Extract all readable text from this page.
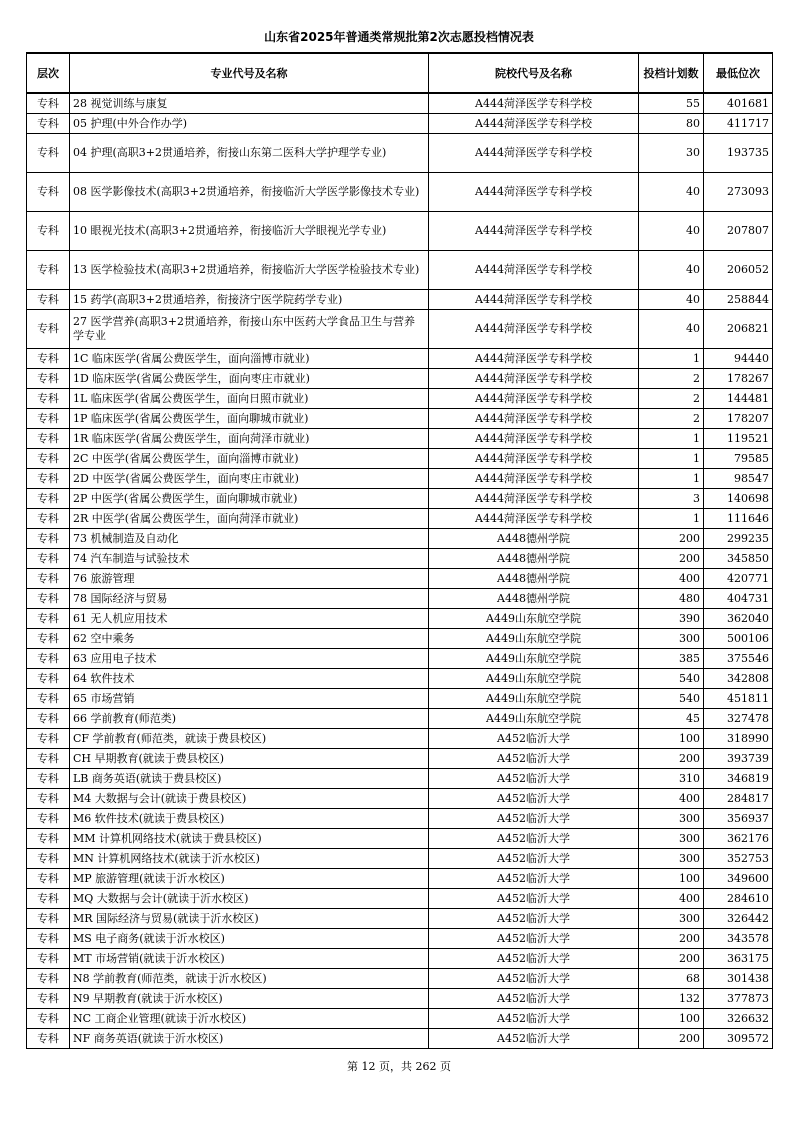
山东省2025年普通类常规批第2次志愿投档情况表
层次	专业代号及名称	院校代号及名称	投档计划数	最低位次
专科	28 视觉训练与康复	A444菏泽医学专科学校	55	401681
专科	05 护理(中外合作办学)	A444菏泽医学专科学校	80	411717
专科	04 护理(高职3+2贯通培养，衔接山东第二医科大学护理学专业)	A444菏泽医学专科学校	30	193735
专科	08 医学影像技术(高职3+2贯通培养，衔接临沂大学医学影像技术专业)	A444菏泽医学专科学校	40	273093
专科	10 眼视光技术(高职3+2贯通培养，衔接临沂大学眼视光学专业)	A444菏泽医学专科学校	40	207807
专科	13 医学检验技术(高职3+2贯通培养，衔接临沂大学医学检验技术专业)	A444菏泽医学专科学校	40	206052
专科	15 药学(高职3+2贯通培养，衔接济宁医学院药学专业)	A444菏泽医学专科学校	40	258844
专科	27 医学营养(高职3+2贯通培养，衔接山东中医药大学食品卫生与营养学专业	A444菏泽医学专科学校	40	206821
专科	1C 临床医学(省属公费医学生，面向淄博市就业)	A444菏泽医学专科学校	1	94440
专科	1D 临床医学(省属公费医学生，面向枣庄市就业)	A444菏泽医学专科学校	2	178267
专科	1L 临床医学(省属公费医学生，面向日照市就业)	A444菏泽医学专科学校	2	144481
专科	1P 临床医学(省属公费医学生，面向聊城市就业)	A444菏泽医学专科学校	2	178207
专科	1R 临床医学(省属公费医学生，面向菏泽市就业)	A444菏泽医学专科学校	1	119521
专科	2C 中医学(省属公费医学生，面向淄博市就业)	A444菏泽医学专科学校	1	79585
专科	2D 中医学(省属公费医学生，面向枣庄市就业)	A444菏泽医学专科学校	1	98547
专科	2P 中医学(省属公费医学生，面向聊城市就业)	A444菏泽医学专科学校	3	140698
专科	2R 中医学(省属公费医学生，面向菏泽市就业)	A444菏泽医学专科学校	1	111646
专科	73 机械制造及自动化	A448德州学院	200	299235
专科	74 汽车制造与试验技术	A448德州学院	200	345850
专科	76 旅游管理	A448德州学院	400	420771
专科	78 国际经济与贸易	A448德州学院	480	404731
专科	61 无人机应用技术	A449山东航空学院	390	362040
专科	62 空中乘务	A449山东航空学院	300	500106
专科	63 应用电子技术	A449山东航空学院	385	375546
专科	64 软件技术	A449山东航空学院	540	342808
专科	65 市场营销	A449山东航空学院	540	451811
专科	66 学前教育(师范类)	A449山东航空学院	45	327478
专科	CF 学前教育(师范类，就读于费县校区)	A452临沂大学	100	318990
专科	CH 早期教育(就读于费县校区)	A452临沂大学	200	393739
专科	LB 商务英语(就读于费县校区)	A452临沂大学	310	346819
专科	M4 大数据与会计(就读于费县校区)	A452临沂大学	400	284817
专科	M6 软件技术(就读于费县校区)	A452临沂大学	300	356937
专科	MM 计算机网络技术(就读于费县校区)	A452临沂大学	300	362176
专科	MN 计算机网络技术(就读于沂水校区)	A452临沂大学	300	352753
专科	MP 旅游管理(就读于沂水校区)	A452临沂大学	100	349600
专科	MQ 大数据与会计(就读于沂水校区)	A452临沂大学	400	284610
专科	MR 国际经济与贸易(就读于沂水校区)	A452临沂大学	300	326442
专科	MS 电子商务(就读于沂水校区)	A452临沂大学	200	343578
专科	MT 市场营销(就读于沂水校区)	A452临沂大学	200	363175
专科	N8 学前教育(师范类，就读于沂水校区)	A452临沂大学	68	301438
专科	N9 早期教育(就读于沂水校区)	A452临沂大学	132	377873
专科	NC 工商企业管理(就读于沂水校区)	A452临沂大学	100	326632
专科	NF 商务英语(就读于沂水校区)	A452临沂大学	200	309572
第 12 页，共 262 页
